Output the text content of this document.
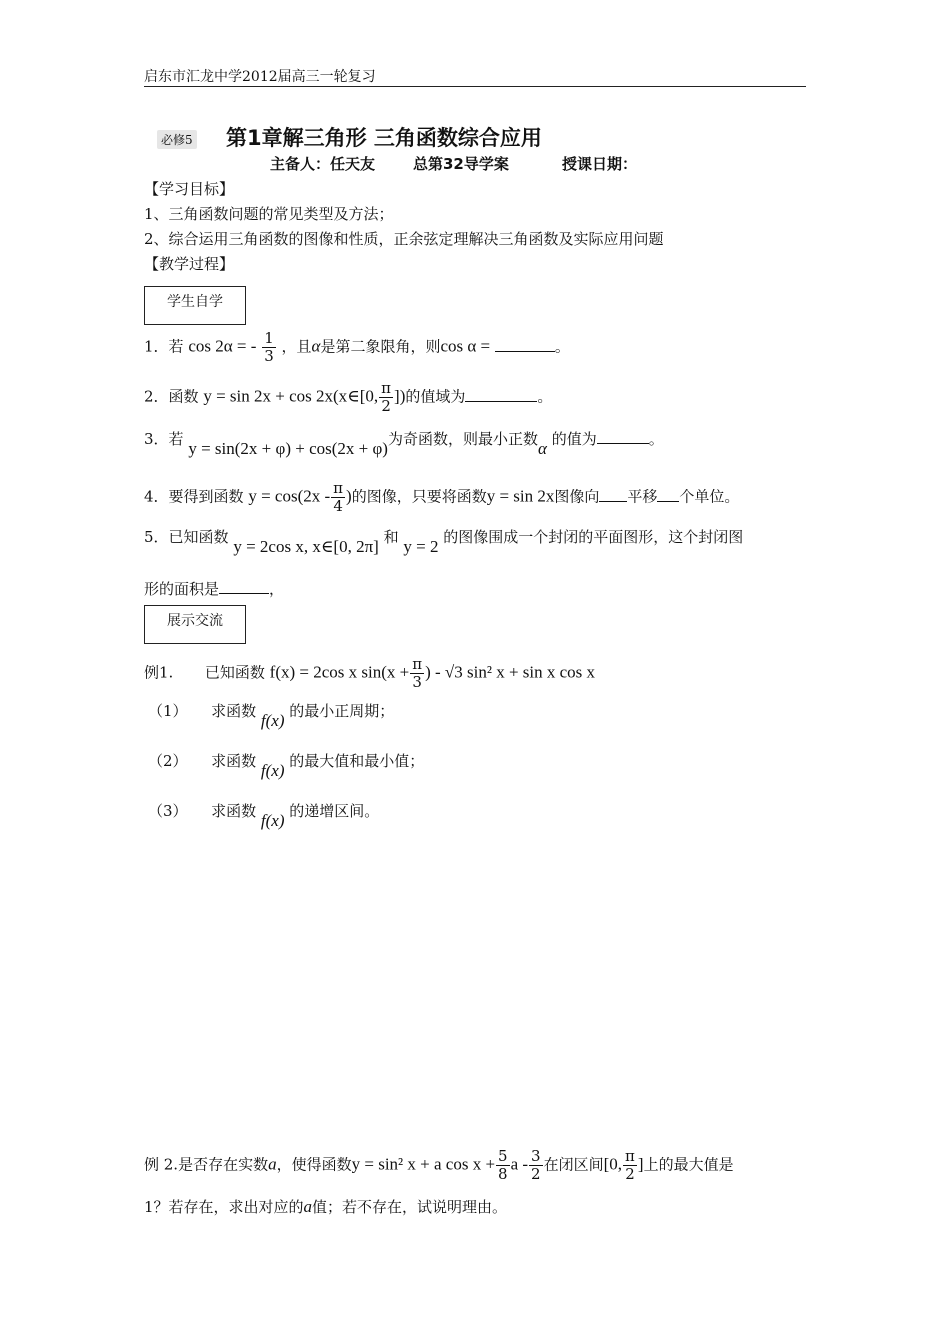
启东市汇龙中学2012届高三一轮复习
必修5 第1章解三角形 三角函数综合应用
主备人：任天友	总第32导学案	授课日期：
【学习目标】
1、三角函数问题的常见类型及方法；
2、综合运用三角函数的图像和性质，正余弦定理解决三角函数及实际应用问题
【教学过程】
学生自学
1．若 cos 2α = - $\frac{1}{3}$ ，且α是第二象限角，则cos α =	。
2．函数 y = sin 2x + cos 2x(x∈[0, $\frac{\pi}{2}$ ])的值域为	。
3．若 y = sin(2x + φ) + cos(2x + φ)为奇函数，则最小正数α 的值为	。
4．要得到函数 $y = \cos(2x - \frac{\pi}{4}$ )的图像，只要将函数y = sin 2x图像向 平移 个单位。
5．已知函数 y = 2cos x, x∈[0, 2π] 和 y = 2 的图像围成一个封闭的平面图形，这个封闭图
形的面积是	，
展示交流
例1. 已知函数 f(x) = 2cos x $\sin(x + \frac{\pi}{3}$ ) - √3 sin² x + sin x cos x
（1） 求函数 f(x) 的最小正周期；
（2） 求函数 f(x) 的最大值和最小值；
（3） 求函数 f(x) 的递增区间。
例 2.是否存在实数a，使得函数y = sin² x + a $\cos x + \frac{5}{8}$ a - $\frac{3}{2}$ 在闭区间[0, $\frac{\pi}{2}$ ]上的最大值是
1？若存在，求出对应的a值；若不存在，试说明理由。
